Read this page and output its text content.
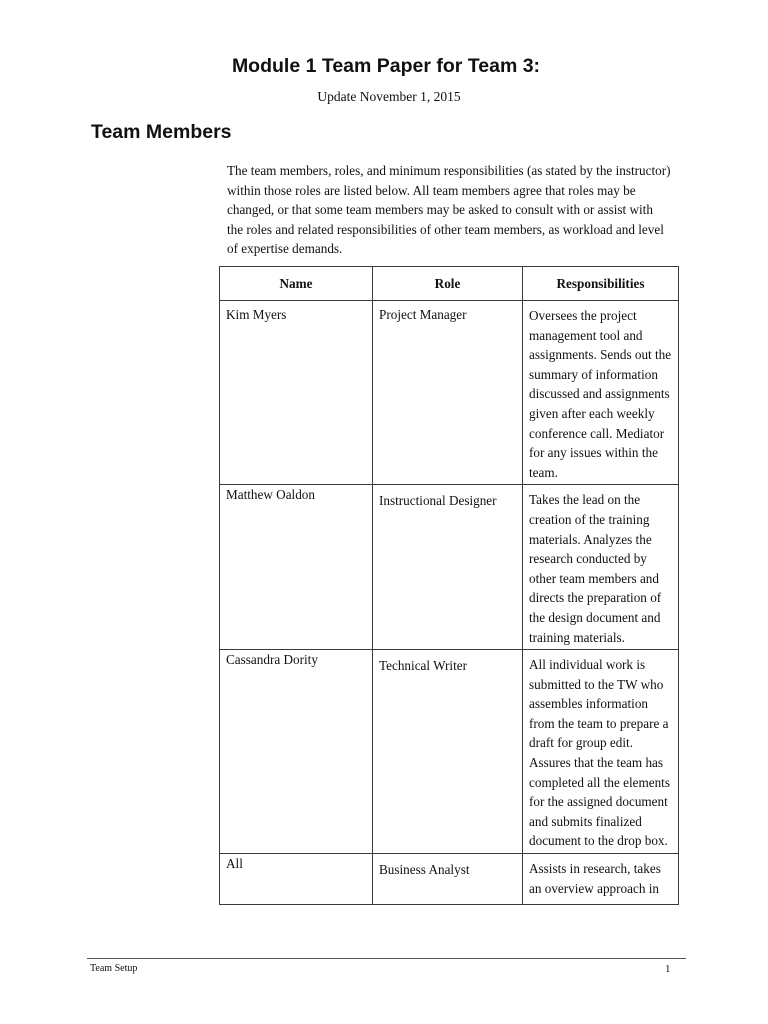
Module 1 Team Paper for Team 3:

Update November 1, 2015

Team Members

The team members, roles, and minimum responsibilities (as stated by the instructor) within those roles are listed below. All team members agree that roles may be changed, or that some team members may be asked to consult with or assist with the roles and related responsibilities of other team members, as workload and level of expertise demands.

Name	Role	Responsibilities

Kim Myers	Project Manager	Oversees the project management tool and assignments. Sends out the summary of information discussed and assignments given after each weekly conference call. Mediator for any issues within the team.

Matthew Oaldon	Instructional Designer	Takes the lead on the creation of the training materials. Analyzes the research conducted by other team members and directs the preparation of the design document and training materials.

Cassandra Dority	Technical Writer	All individual work is submitted to the TW who assembles information from the team to prepare a draft for group edit. Assures that the team has completed all the elements for the assigned document and submits finalized document to the drop box.

All	Business Analyst	Assists in research, takes an overview approach in

Team Setup	1
